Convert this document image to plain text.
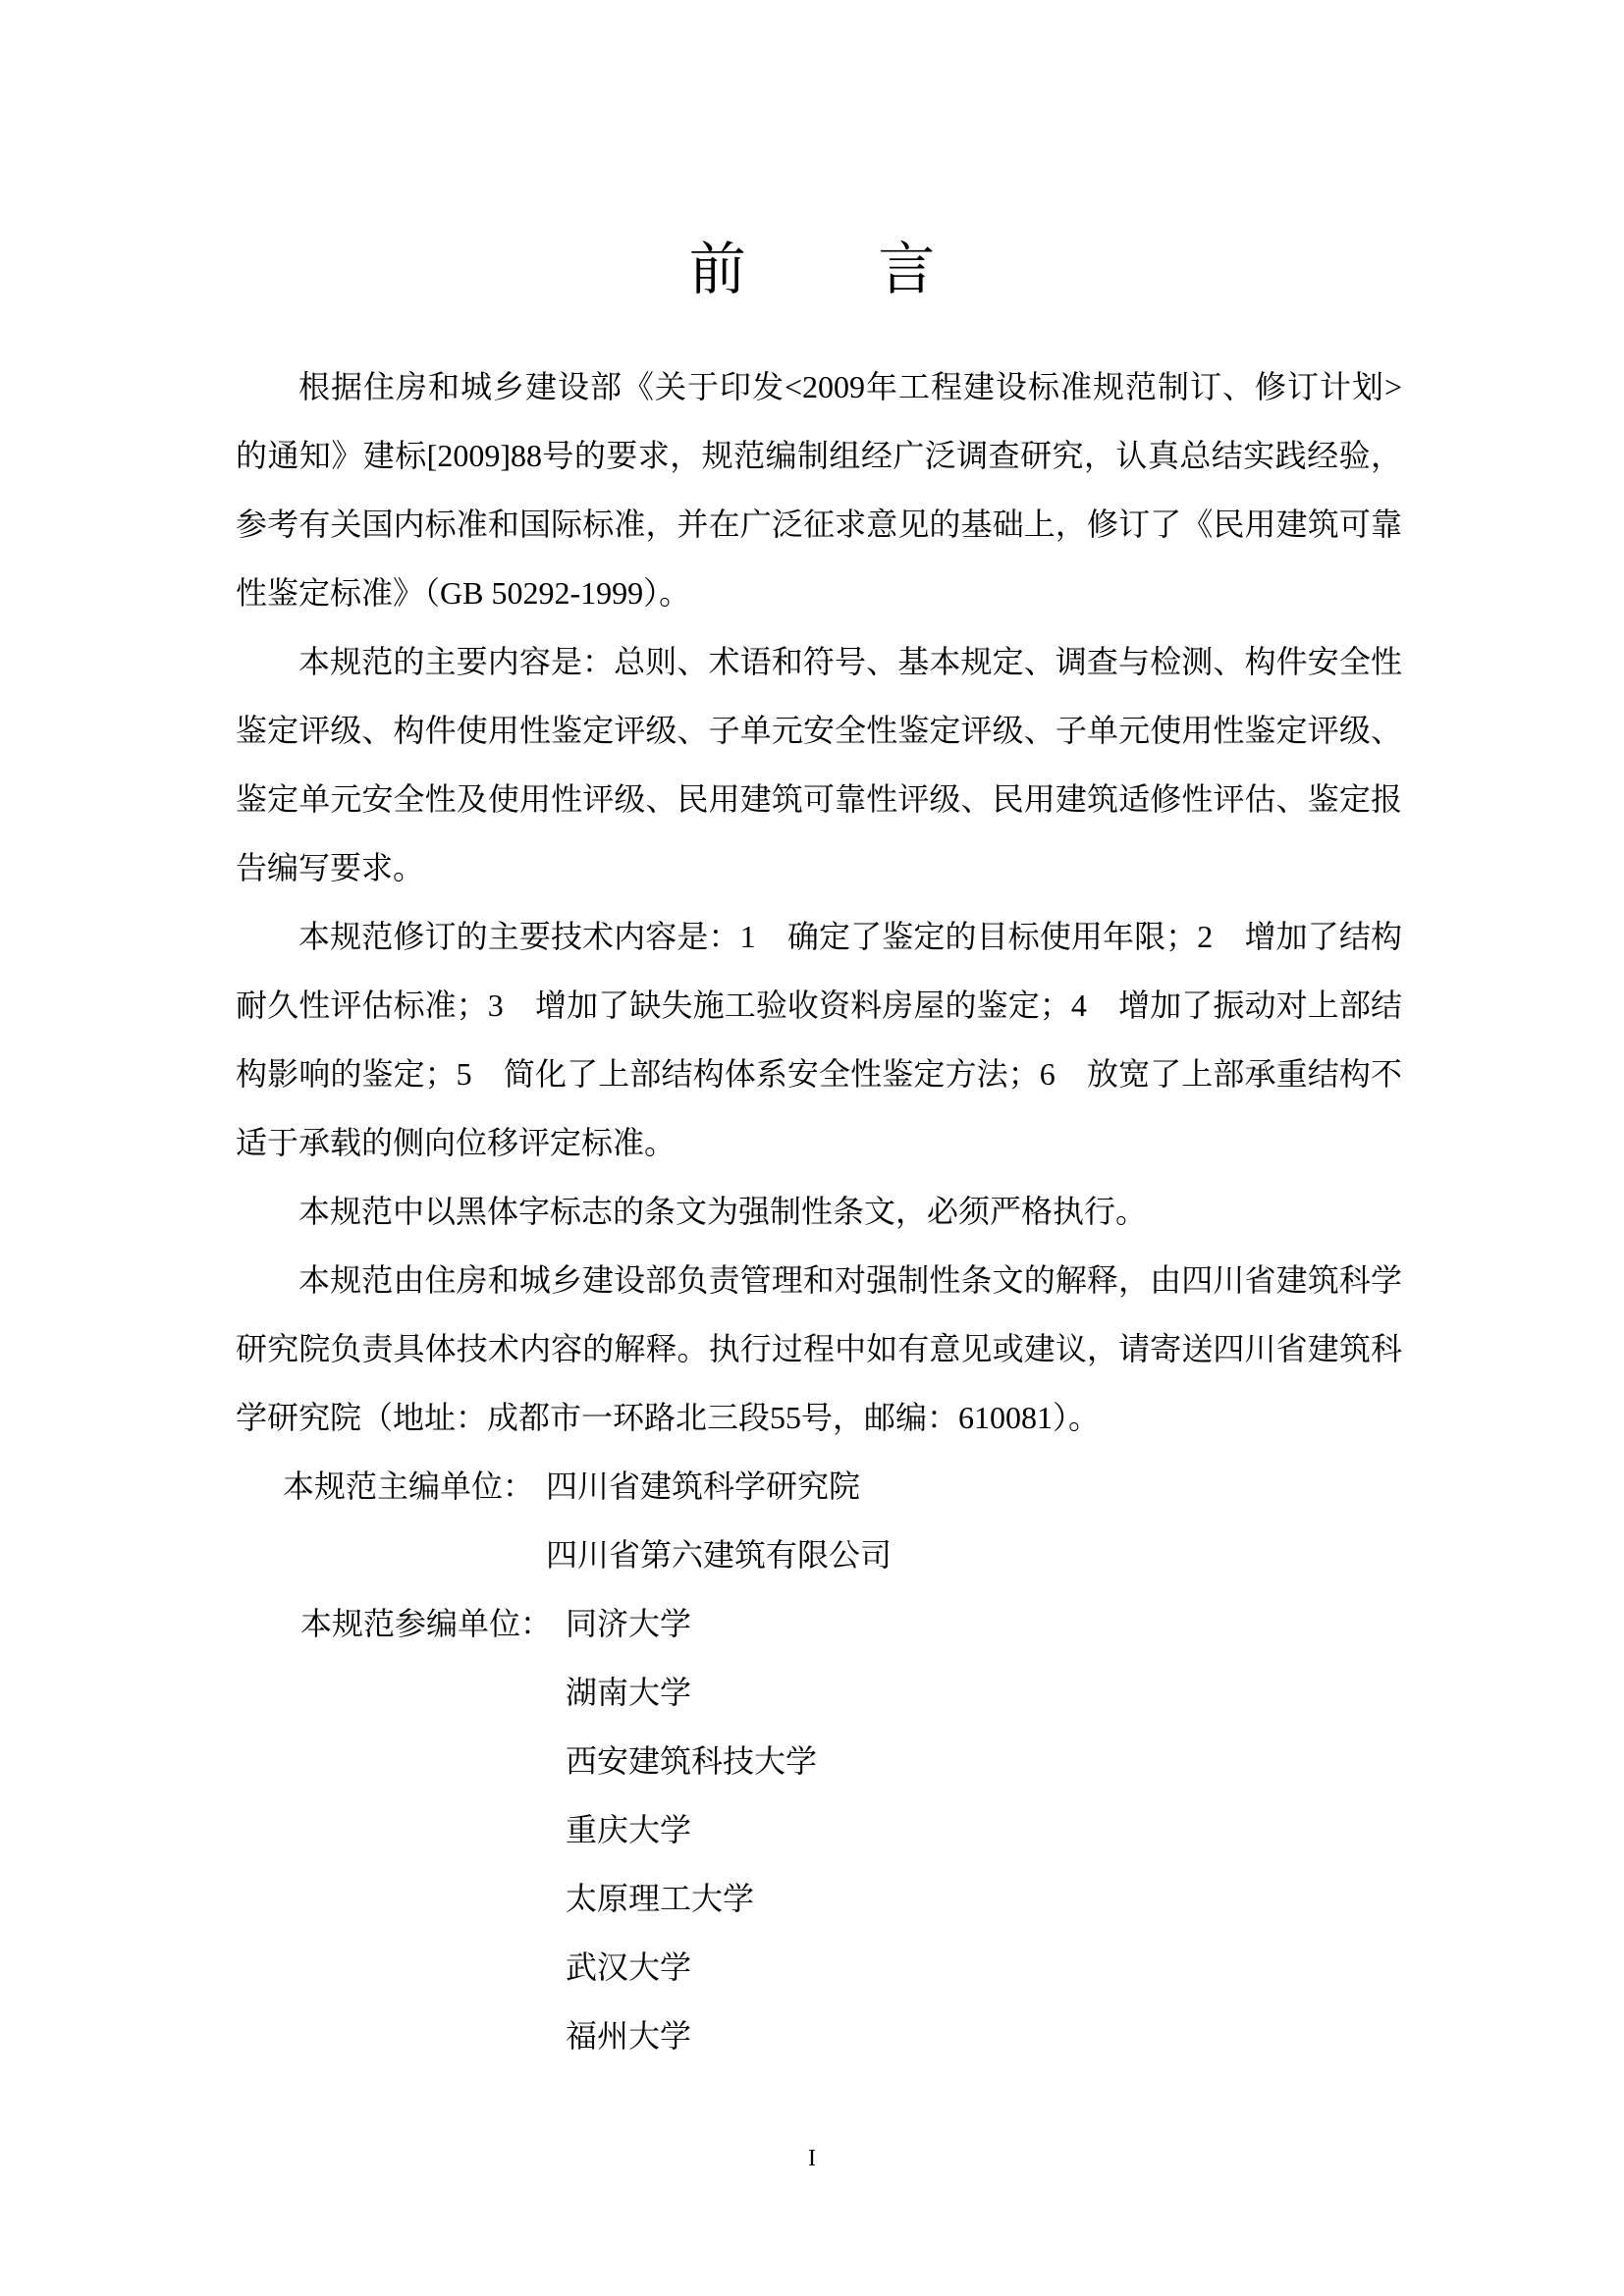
前 言

根据住房和城乡建设部《关于印发<2009年工程建设标准规范制订、修订计划>的通知》建标[2009]88号的要求，规范编制组经广泛调查研究，认真总结实践经验，参考有关国内标准和国际标准，并在广泛征求意见的基础上，修订了《民用建筑可靠性鉴定标准》（GB 50292-1999）。

本规范的主要内容是：总则、术语和符号、基本规定、调查与检测、构件安全性鉴定评级、构件使用性鉴定评级、子单元安全性鉴定评级、子单元使用性鉴定评级、鉴定单元安全性及使用性评级、民用建筑可靠性评级、民用建筑适修性评估、鉴定报告编写要求。

本规范修订的主要技术内容是：1　确定了鉴定的目标使用年限；2　增加了结构耐久性评估标准；3　增加了缺失施工验收资料房屋的鉴定；4　增加了振动对上部结构影响的鉴定；5　简化了上部结构体系安全性鉴定方法；6　放宽了上部承重结构不适于承载的侧向位移评定标准。

本规范中以黑体字标志的条文为强制性条文，必须严格执行。

本规范由住房和城乡建设部负责管理和对强制性条文的解释，由四川省建筑科学研究院负责具体技术内容的解释。执行过程中如有意见或建议，请寄送四川省建筑科学研究院（地址：成都市一环路北三段55号，邮编：610081）。

本规范主编单位： 四川省建筑科学研究院
四川省第六建筑有限公司
本规范参编单位： 同济大学
湖南大学
西安建筑科技大学
重庆大学
太原理工大学
武汉大学
福州大学
I
